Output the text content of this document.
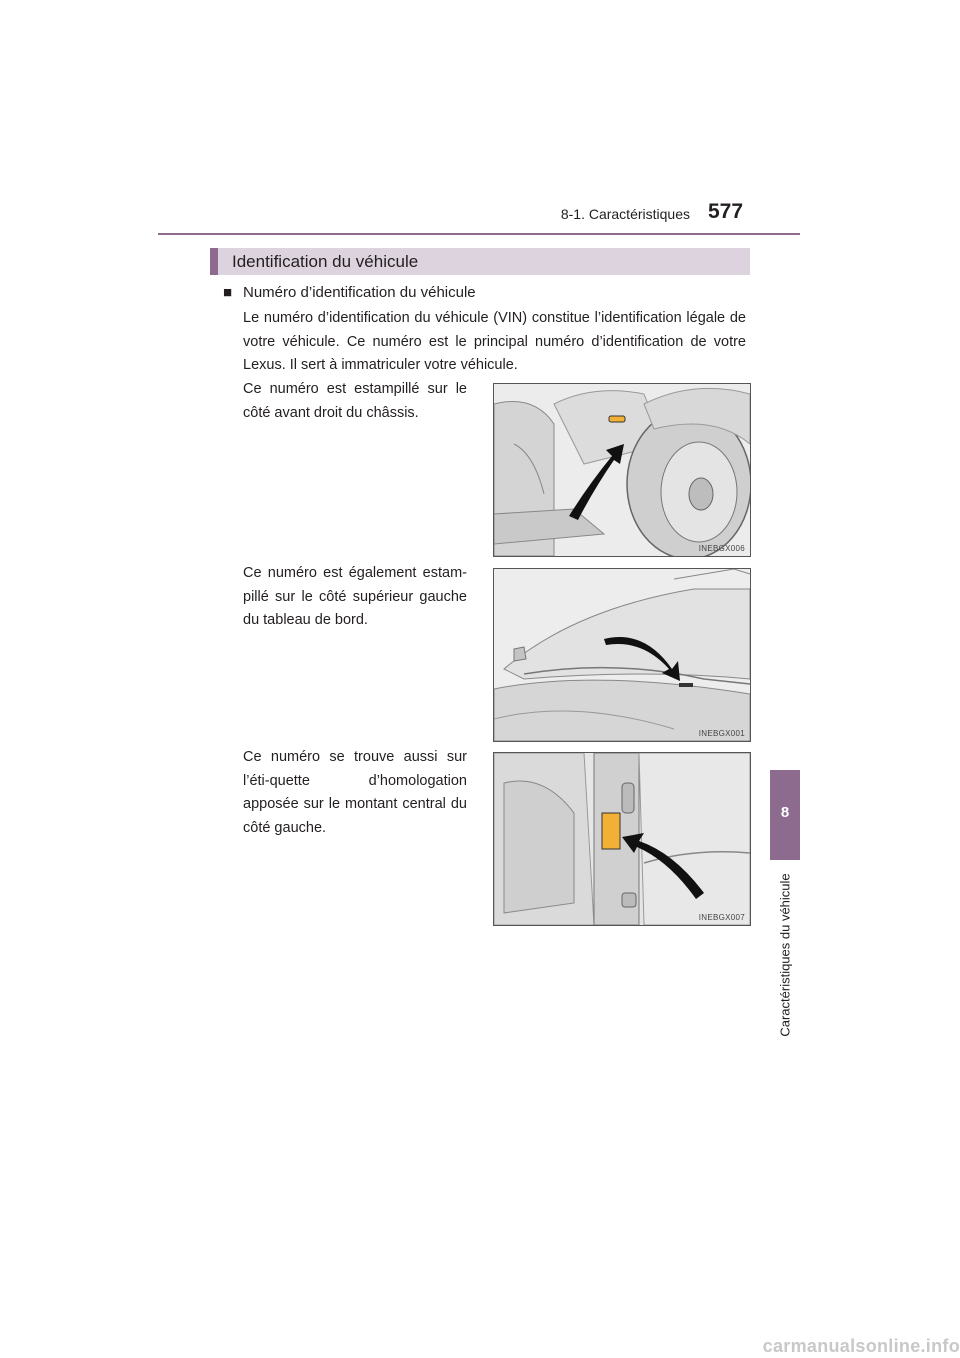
8-1. Caractéristiques 577
Identification du véhicule
■ Numéro d’identification du véhicule
Le numéro d’identification du véhicule (VIN) constitue l’identification légale de votre véhicule. Ce numéro est le principal numéro d’identification de votre Lexus. Il sert à immatriculer votre véhicule.
Ce numéro est estampillé sur le côté avant droit du châssis.
INEBGX006
Ce numéro est également estam-pillé sur le côté supérieur gauche du tableau de bord.
INEBGX001
Ce numéro se trouve aussi sur l’éti-quette d’homologation apposée sur le montant central du côté gauche.
INEBGX007
8
Caractéristiques du véhicule
carmanualsonline.info
